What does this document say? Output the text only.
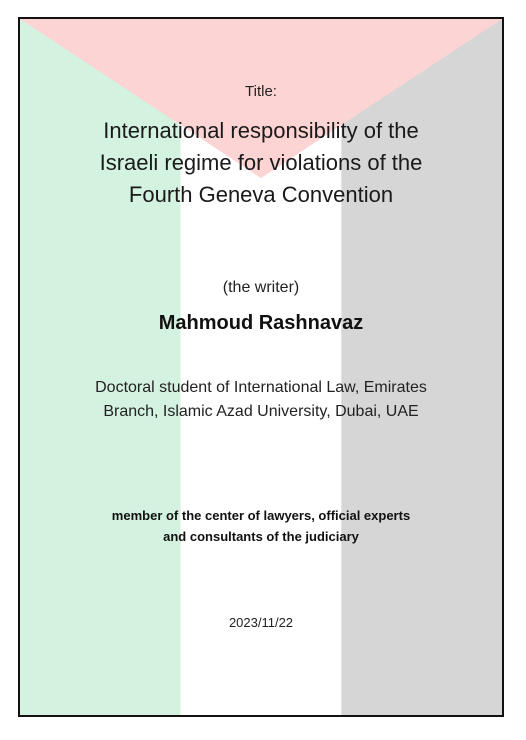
Title:
International responsibility of the
Israeli regime for violations of the
Fourth Geneva Convention
(the writer)
Mahmoud Rashnavaz
Doctoral student of International Law, Emirates
Branch, Islamic Azad University, Dubai, UAE
member of the center of lawyers, official experts
and consultants of the judiciary
2023/11/22
